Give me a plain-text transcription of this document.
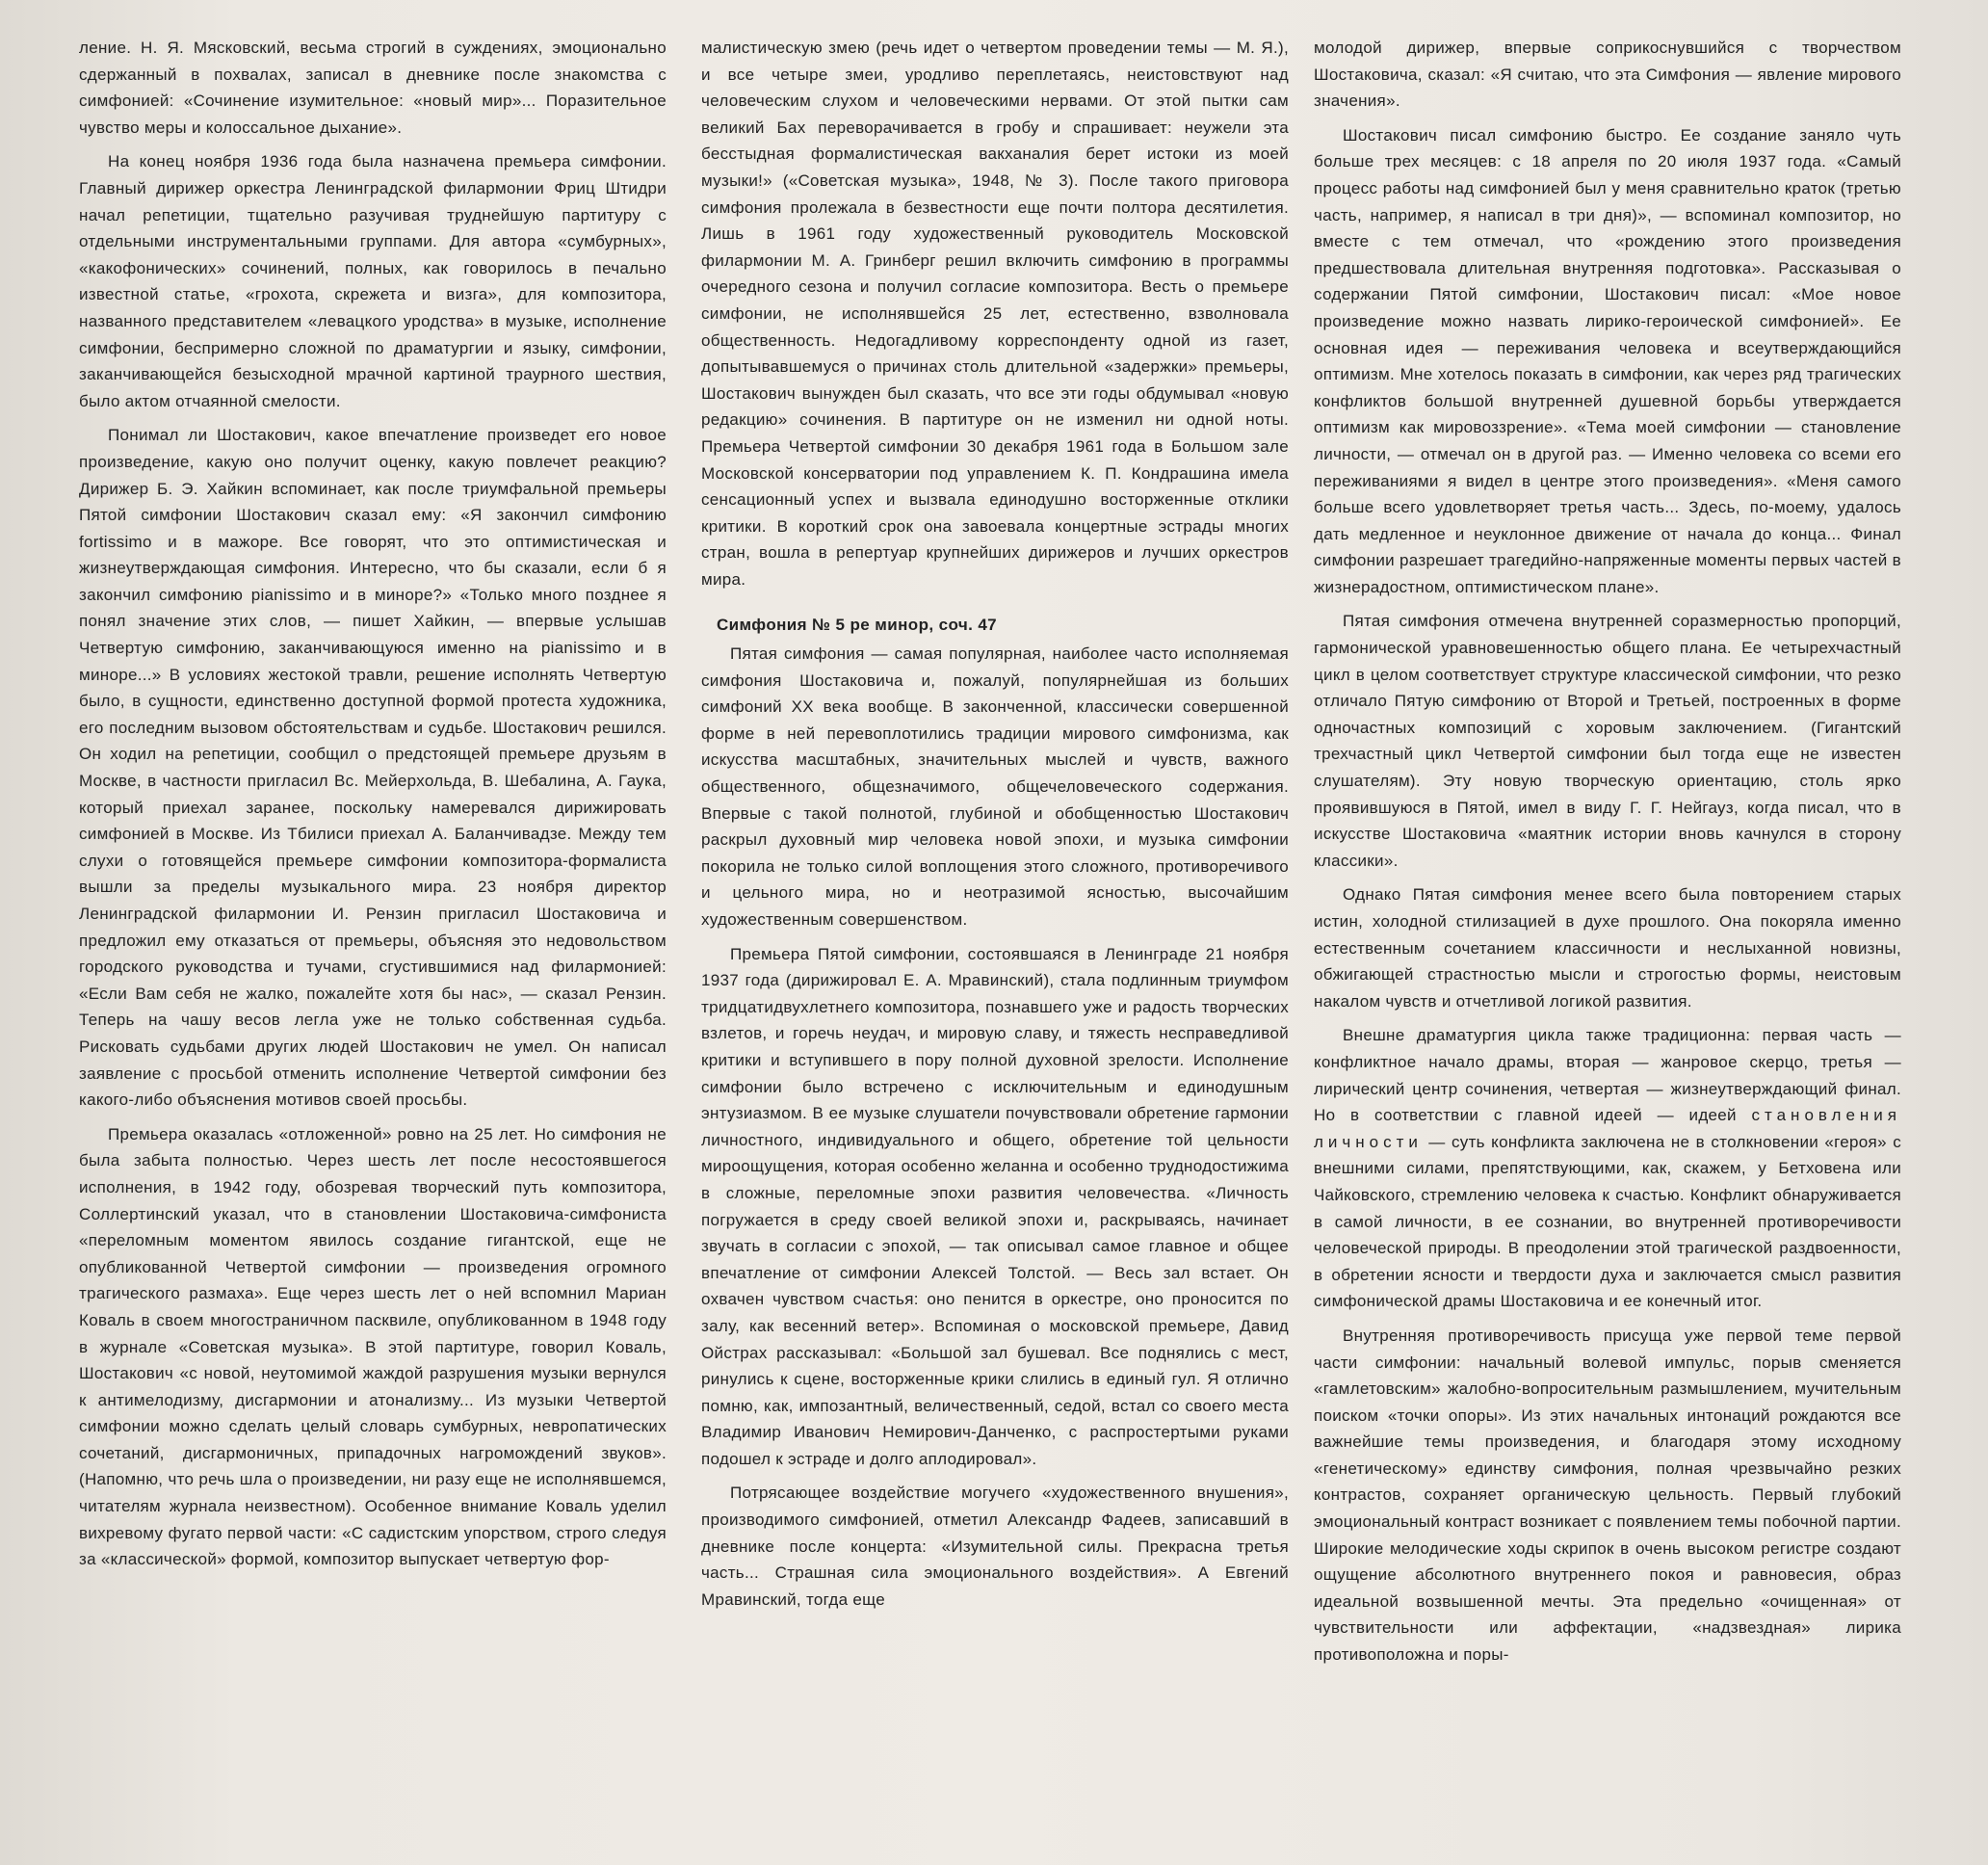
ление. Н. Я. Мясковский, весьма строгий в суждениях, эмоционально сдержанный в похвалах, записал в дневнике после знакомства с симфонией: «Сочинение изумительное: «новый мир»... Поразительное чувство меры и колоссальное дыхание».

На конец ноября 1936 года была назначена премьера симфонии. Главный дирижер оркестра Ленинградской филармонии Фриц Штидри начал репетиции, тщательно разучивая труднейшую партитуру с отдельными инструментальными группами. Для автора «сумбурных», «какофонических» сочинений, полных, как говорилось в печально известной статье, «грохота, скрежета и визга», для композитора, названного представителем «левацкого уродства» в музыке, исполнение симфонии, беспримерно сложной по драматургии и языку, симфонии, заканчивающейся безысходной мрачной картиной траурного шествия, было актом отчаянной смелости.

Понимал ли Шостакович, какое впечатление произведет его новое произведение, какую оно получит оценку, какую повлечет реакцию? Дирижер Б. Э. Хайкин вспоминает, как после триумфальной премьеры Пятой симфонии Шостакович сказал ему: «Я закончил симфонию fortissimo и в мажоре. Все говорят, что это оптимистическая и жизнеутверждающая симфония. Интересно, что бы сказали, если б я закончил симфонию pianissimo и в миноре?» «Только много позднее я понял значение этих слов, — пишет Хайкин, — впервые услышав Четвертую симфонию, заканчивающуюся именно на pianissimo и в миноре...» В условиях жестокой травли, решение исполнять Четвертую было, в сущности, единственно доступной формой протеста художника, его последним вызовом обстоятельствам и судьбе. Шостакович решился. Он ходил на репетиции, сообщил о предстоящей премьере друзьям в Москве, в частности пригласил Вс. Мейерхольда, В. Шебалина, А. Гаука, который приехал заранее, поскольку намеревался дирижировать симфонией в Москве. Из Тбилиси приехал А. Баланчивадзе. Между тем слухи о готовящейся премьере симфонии композитора-формалиста вышли за пределы музыкального мира. 23 ноября директор Ленинградской филармонии И. Рензин пригласил Шостаковича и предложил ему отказаться от премьеры, объясняя это недовольством городского руководства и тучами, сгустившимися над филармонией: «Если Вам себя не жалко, пожалейте хотя бы нас», — сказал Рензин. Теперь на чашу весов легла уже не только собственная судьба. Рисковать судьбами других людей Шостакович не умел. Он написал заявление с просьбой отменить исполнение Четвертой симфонии без какого-либо объяснения мотивов своей просьбы.

Премьера оказалась «отложенной» ровно на 25 лет. Но симфония не была забыта полностью. Через шесть лет после несостоявшегося исполнения, в 1942 году, обозревая творческий путь композитора, Соллертинский указал, что в становлении Шостаковича-симфониста «переломным моментом явилось создание гигантской, еще не опубликованной Четвертой симфонии — произведения огромного трагического размаха». Еще через шесть лет о ней вспомнил Мариан Коваль в своем многостраничном пасквиле, опубликованном в 1948 году в журнале «Советская музыка». В этой партитуре, говорил Коваль, Шостакович «с новой, неутомимой жаждой разрушения музыки вернулся к антимелодизму, дисгармонии и атонализму... Из музыки Четвертой симфонии можно сделать целый словарь сумбурных, невропатических сочетаний, дисгармоничных, припадочных нагромождений звуков». (Напомню, что речь шла о произведении, ни разу еще не исполнявшемся, читателям журнала неизвестном). Особенное внимание Коваль уделил вихревому фугато первой части: «С садистским упорством, строго следуя за «классической» формой, композитор выпускает четвертую фор-

малистическую змею (речь идет о четвертом проведении темы — М. Я.), и все четыре змеи, уродливо переплетаясь, неистовствуют над человеческим слухом и человеческими нервами. От этой пытки сам великий Бах переворачивается в гробу и спрашивает: неужели эта бесстыдная формалистическая вакханалия берет истоки из моей музыки!» («Советская музыка», 1948, № 3). После такого приговора симфония пролежала в безвестности еще почти полтора десятилетия. Лишь в 1961 году художественный руководитель Московской филармонии М. А. Гринберг решил включить симфонию в программы очередного сезона и получил согласие композитора. Весть о премьере симфонии, не исполнявшейся 25 лет, естественно, взволновала общественность. Недогадливому корреспонденту одной из газет, допытывавшемуся о причинах столь длительной «задержки» премьеры, Шостакович вынужден был сказать, что все эти годы обдумывал «новую редакцию» сочинения. В партитуре он не изменил ни одной ноты. Премьера Четвертой симфонии 30 декабря 1961 года в Большом зале Московской консерватории под управлением К. П. Кондрашина имела сенсационный успех и вызвала единодушно восторженные отклики критики. В короткий срок она завоевала концертные эстрады многих стран, вошла в репертуар крупнейших дирижеров и лучших оркестров мира.

Симфония № 5 ре минор, соч. 47

Пятая симфония — самая популярная, наиболее часто исполняемая симфония Шостаковича и, пожалуй, популярнейшая из больших симфоний XX века вообще. В законченной, классически совершенной форме в ней перевоплотились традиции мирового симфонизма, как искусства масштабных, значительных мыслей и чувств, важного общественного, общезначимого, общечеловеческого содержания. Впервые с такой полнотой, глубиной и обобщенностью Шостакович раскрыл духовный мир человека новой эпохи, и музыка симфонии покорила не только силой воплощения этого сложного, противоречивого и цельного мира, но и неотразимой ясностью, высочайшим художественным совершенством.

Премьера Пятой симфонии, состоявшаяся в Ленинграде 21 ноября 1937 года (дирижировал Е. А. Мравинский), стала подлинным триумфом тридцатидвухлетнего композитора, познавшего уже и радость творческих взлетов, и горечь неудач, и мировую славу, и тяжесть несправедливой критики и вступившего в пору полной духовной зрелости. Исполнение симфонии было встречено с исключительным и единодушным энтузиазмом. В ее музыке слушатели почувствовали обретение гармонии личностного, индивидуального и общего, обретение той цельности мироощущения, которая особенно желанна и особенно труднодостижима в сложные, переломные эпохи развития человечества. «Личность погружается в среду своей великой эпохи и, раскрываясь, начинает звучать в согласии с эпохой, — так описывал самое главное и общее впечатление от симфонии Алексей Толстой. — Весь зал встает. Он охвачен чувством счастья: оно пенится в оркестре, оно проносится по залу, как весенний ветер». Вспоминая о московской премьере, Давид Ойстрах рассказывал: «Большой зал бушевал. Все поднялись с мест, ринулись к сцене, восторженные крики слились в единый гул. Я отлично помню, как, импозантный, величественный, седой, встал со своего места Владимир Иванович Немирович-Данченко, с распростертыми руками подошел к эстраде и долго аплодировал».

Потрясающее воздействие могучего «художественного внушения», производимого симфонией, отметил Александр Фадеев, записавший в дневнике после концерта: «Изумительной силы. Прекрасна третья часть... Страшная сила эмоционального воздействия». А Евгений Мравинский, тогда еще

молодой дирижер, впервые соприкоснувшийся с творчеством Шостаковича, сказал: «Я считаю, что эта Симфония — явление мирового значения».

Шостакович писал симфонию быстро. Ее создание заняло чуть больше трех месяцев: с 18 апреля по 20 июля 1937 года. «Самый процесс работы над симфонией был у меня сравнительно краток (третью часть, например, я написал в три дня)», — вспоминал композитор, но вместе с тем отмечал, что «рождению этого произведения предшествовала длительная внутренняя подготовка». Рассказывая о содержании Пятой симфонии, Шостакович писал: «Мое новое произведение можно назвать лирико-героической симфонией». Ее основная идея — переживания человека и всеутверждающийся оптимизм. Мне хотелось показать в симфонии, как через ряд трагических конфликтов большой внутренней душевной борьбы утверждается оптимизм как мировоззрение». «Тема моей симфонии — становление личности, — отмечал он в другой раз. — Именно человека со всеми его переживаниями я видел в центре этого произведения». «Меня самого больше всего удовлетворяет третья часть... Здесь, по-моему, удалось дать медленное и неуклонное движение от начала до конца... Финал симфонии разрешает трагедийно-напряженные моменты первых частей в жизнерадостном, оптимистическом плане».

Пятая симфония отмечена внутренней соразмерностью пропорций, гармонической уравновешенностью общего плана. Ее четырехчастный цикл в целом соответствует структуре классической симфонии, что резко отличало Пятую симфонию от Второй и Третьей, построенных в форме одночастных композиций с хоровым заключением. (Гигантский трехчастный цикл Четвертой симфонии был тогда еще не известен слушателям). Эту новую творческую ориентацию, столь ярко проявившуюся в Пятой, имел в виду Г. Г. Нейгауз, когда писал, что в искусстве Шостаковича «маятник истории вновь качнулся в сторону классики».

Однако Пятая симфония менее всего была повторением старых истин, холодной стилизацией в духе прошлого. Она покоряла именно естественным сочетанием классичности и неслыханной новизны, обжигающей страстностью мысли и строгостью формы, неистовым накалом чувств и отчетливой логикой развития.

Внешне драматургия цикла также традиционна: первая часть — конфликтное начало драмы, вторая — жанровое скерцо, третья — лирический центр сочинения, четвертая — жизнеутверждающий финал. Но в соответствии с главной идеей — идеей становления личности — суть конфликта заключена не в столкновении «героя» с внешними силами, препятствующими, как, скажем, у Бетховена или Чайковского, стремлению человека к счастью. Конфликт обнаруживается в самой личности, в ее сознании, во внутренней противоречивости человеческой природы. В преодолении этой трагической раздвоенности, в обретении ясности и твердости духа и заключается смысл развития симфонической драмы Шостаковича и ее конечный итог.

Внутренняя противоречивость присуща уже первой теме первой части симфонии: начальный волевой импульс, порыв сменяется «гамлетовским» жалобно-вопросительным размышлением, мучительным поиском «точки опоры». Из этих начальных интонаций рождаются все важнейшие темы произведения, и благодаря этому исходному «генетическому» единству симфония, полная чрезвычайно резких контрастов, сохраняет органическую цельность. Первый глубокий эмоциональный контраст возникает с появлением темы побочной партии. Широкие мелодические ходы скрипок в очень высоком регистре создают ощущение абсолютного внутреннего покоя и равновесия, образ идеальной возвышенной мечты. Эта предельно «очищенная» от чувствительности или аффектации, «надзвездная» лирика противоположна и поры-
